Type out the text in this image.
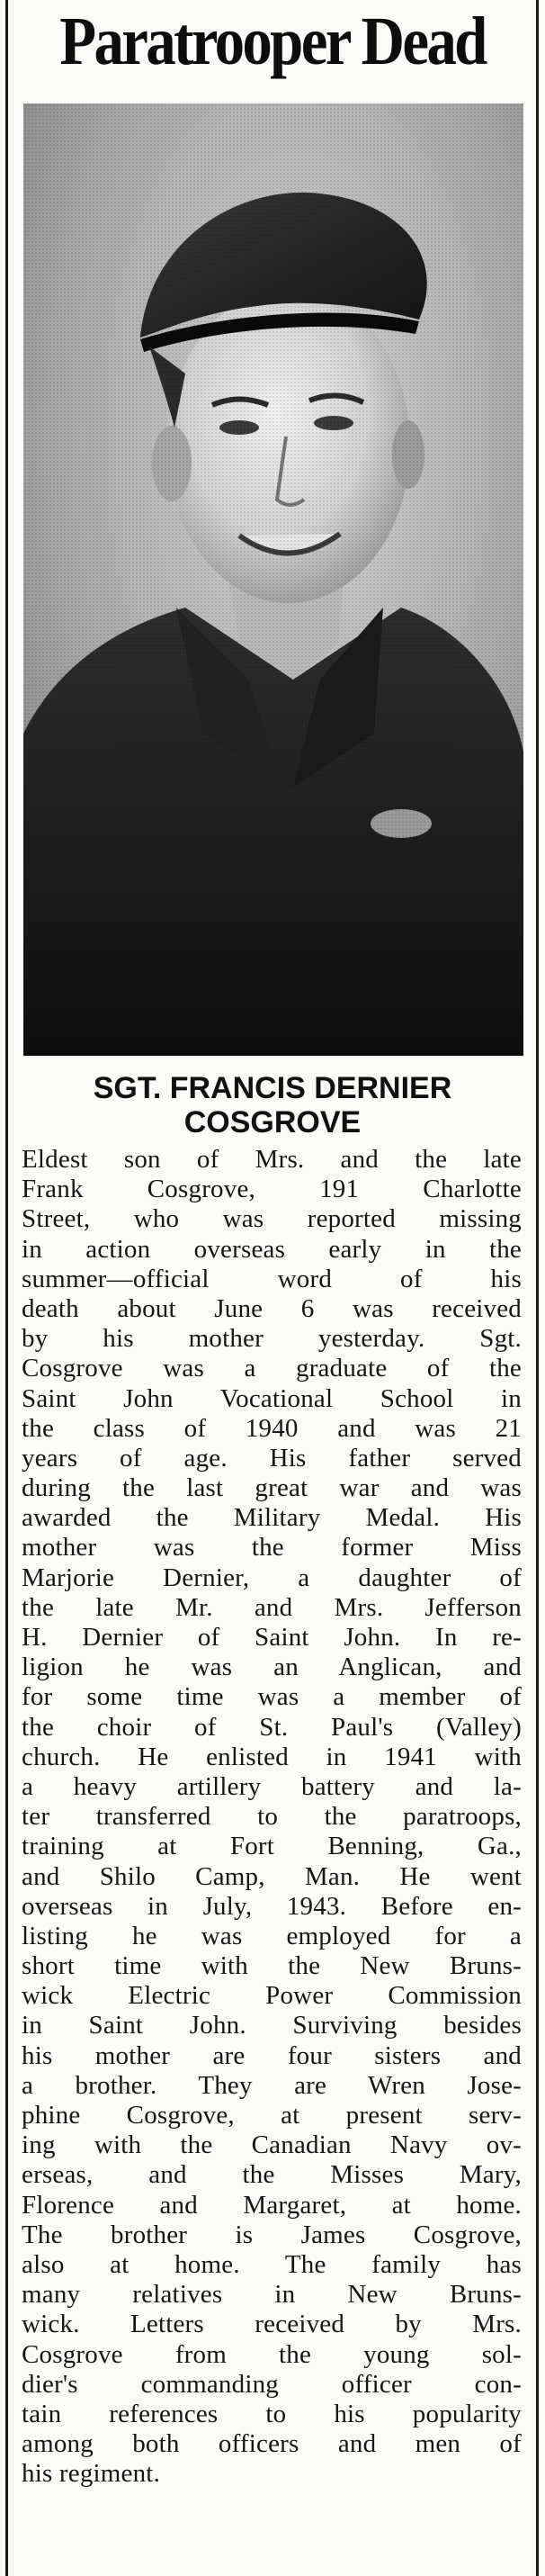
Paratrooper Dead
SGT. FRANCIS DERNIER
COSGROVE
Eldest son of Mrs. and the late
Frank Cosgrove, 191 Charlotte
Street, who was reported missing
in action overseas early in the
summer—official word of his
death about June 6 was received
by his mother yesterday. Sgt.
Cosgrove was a graduate of the
Saint John Vocational School in
the class of 1940 and was 21
years of age. His father served
during the last great war and was
awarded the Military Medal. His
mother was the former Miss
Marjorie Dernier, a daughter of
the late Mr. and Mrs. Jefferson
H. Dernier of Saint John. In re-
ligion he was an Anglican, and
for some time was a member of
the choir of St. Paul's (Valley)
church. He enlisted in 1941 with
a heavy artillery battery and la-
ter transferred to the paratroops,
training at Fort Benning, Ga.,
and Shilo Camp, Man. He went
overseas in July, 1943. Before en-
listing he was employed for a
short time with the New Bruns-
wick Electric Power Commission
in Saint John. Surviving besides
his mother are four sisters and
a brother. They are Wren Jose-
phine Cosgrove, at present serv-
ing with the Canadian Navy ov-
erseas, and the Misses Mary,
Florence and Margaret, at home.
The brother is James Cosgrove,
also at home. The family has
many relatives in New Bruns-
wick. Letters received by Mrs.
Cosgrove from the young sol-
dier's commanding officer con-
tain references to his popularity
among both officers and men of
his regiment.
